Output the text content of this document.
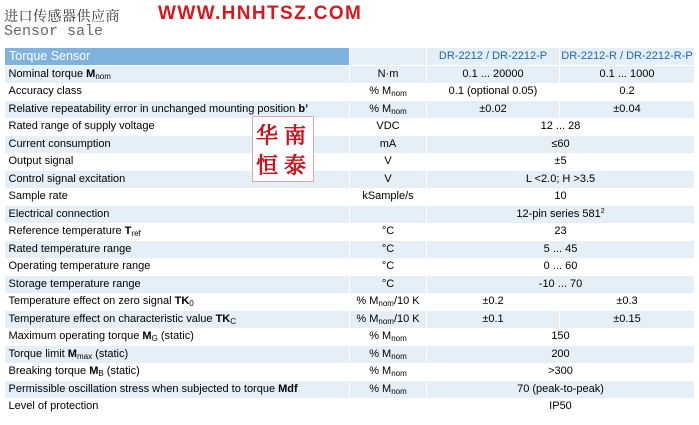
进口传感器供应商 WWW.HNHTSZ.COM
Sensor sale
Torque Sensor		DR-2212 / DR-2212-P	DR-2212-R / DR-2212-R-P
Nominal torque $M_{nom}$	N·m	0.1 ... 20000	0.1 ... 1000
Accuracy class	% $M_{nom}$	0.1 (optional 0.05)	0.2
Relative repeatability error in unchanged mounting position b’	% $M_{nom}$	±0.02	±0.04
Rated range of supply voltage	VDC	12 ... 28	
Current consumption	mA	≤60	
Output signal	V	±5	
Control signal excitation	V	L <2.0; H >3.5	
Sample rate	kSample/s	10	
Electrical connection		12-pin series $581^2$
Reference temperature $T_{ref}$	°C	23	
Rated temperature range	°C	5 ... 45	
Operating temperature range	°C	0 ... 60	
Storage temperature range	°C	-10 ... 70	
Temperature effect on zero signal $TK_0$	% $M_{nom}/10$ K	±0.2	±0.3
Temperature effect on characteristic value $TK_C$	% $M_{nom}/10$ K	±0.1	±0.15
Maximum operating torque $M_G$ (static)	% $M_{nom}$	150	
Torque limit $M_{max}$ (static)	% $M_{nom}$	200	
Breaking torque $M_B$ (static)	% $M_{nom}$	>300	
Permissible oscillation stress when subjected to torque Mdf	% $M_{nom}$	70 (peak-to-peak)	
Level of protection		IP50	
华 南
恒 泰
